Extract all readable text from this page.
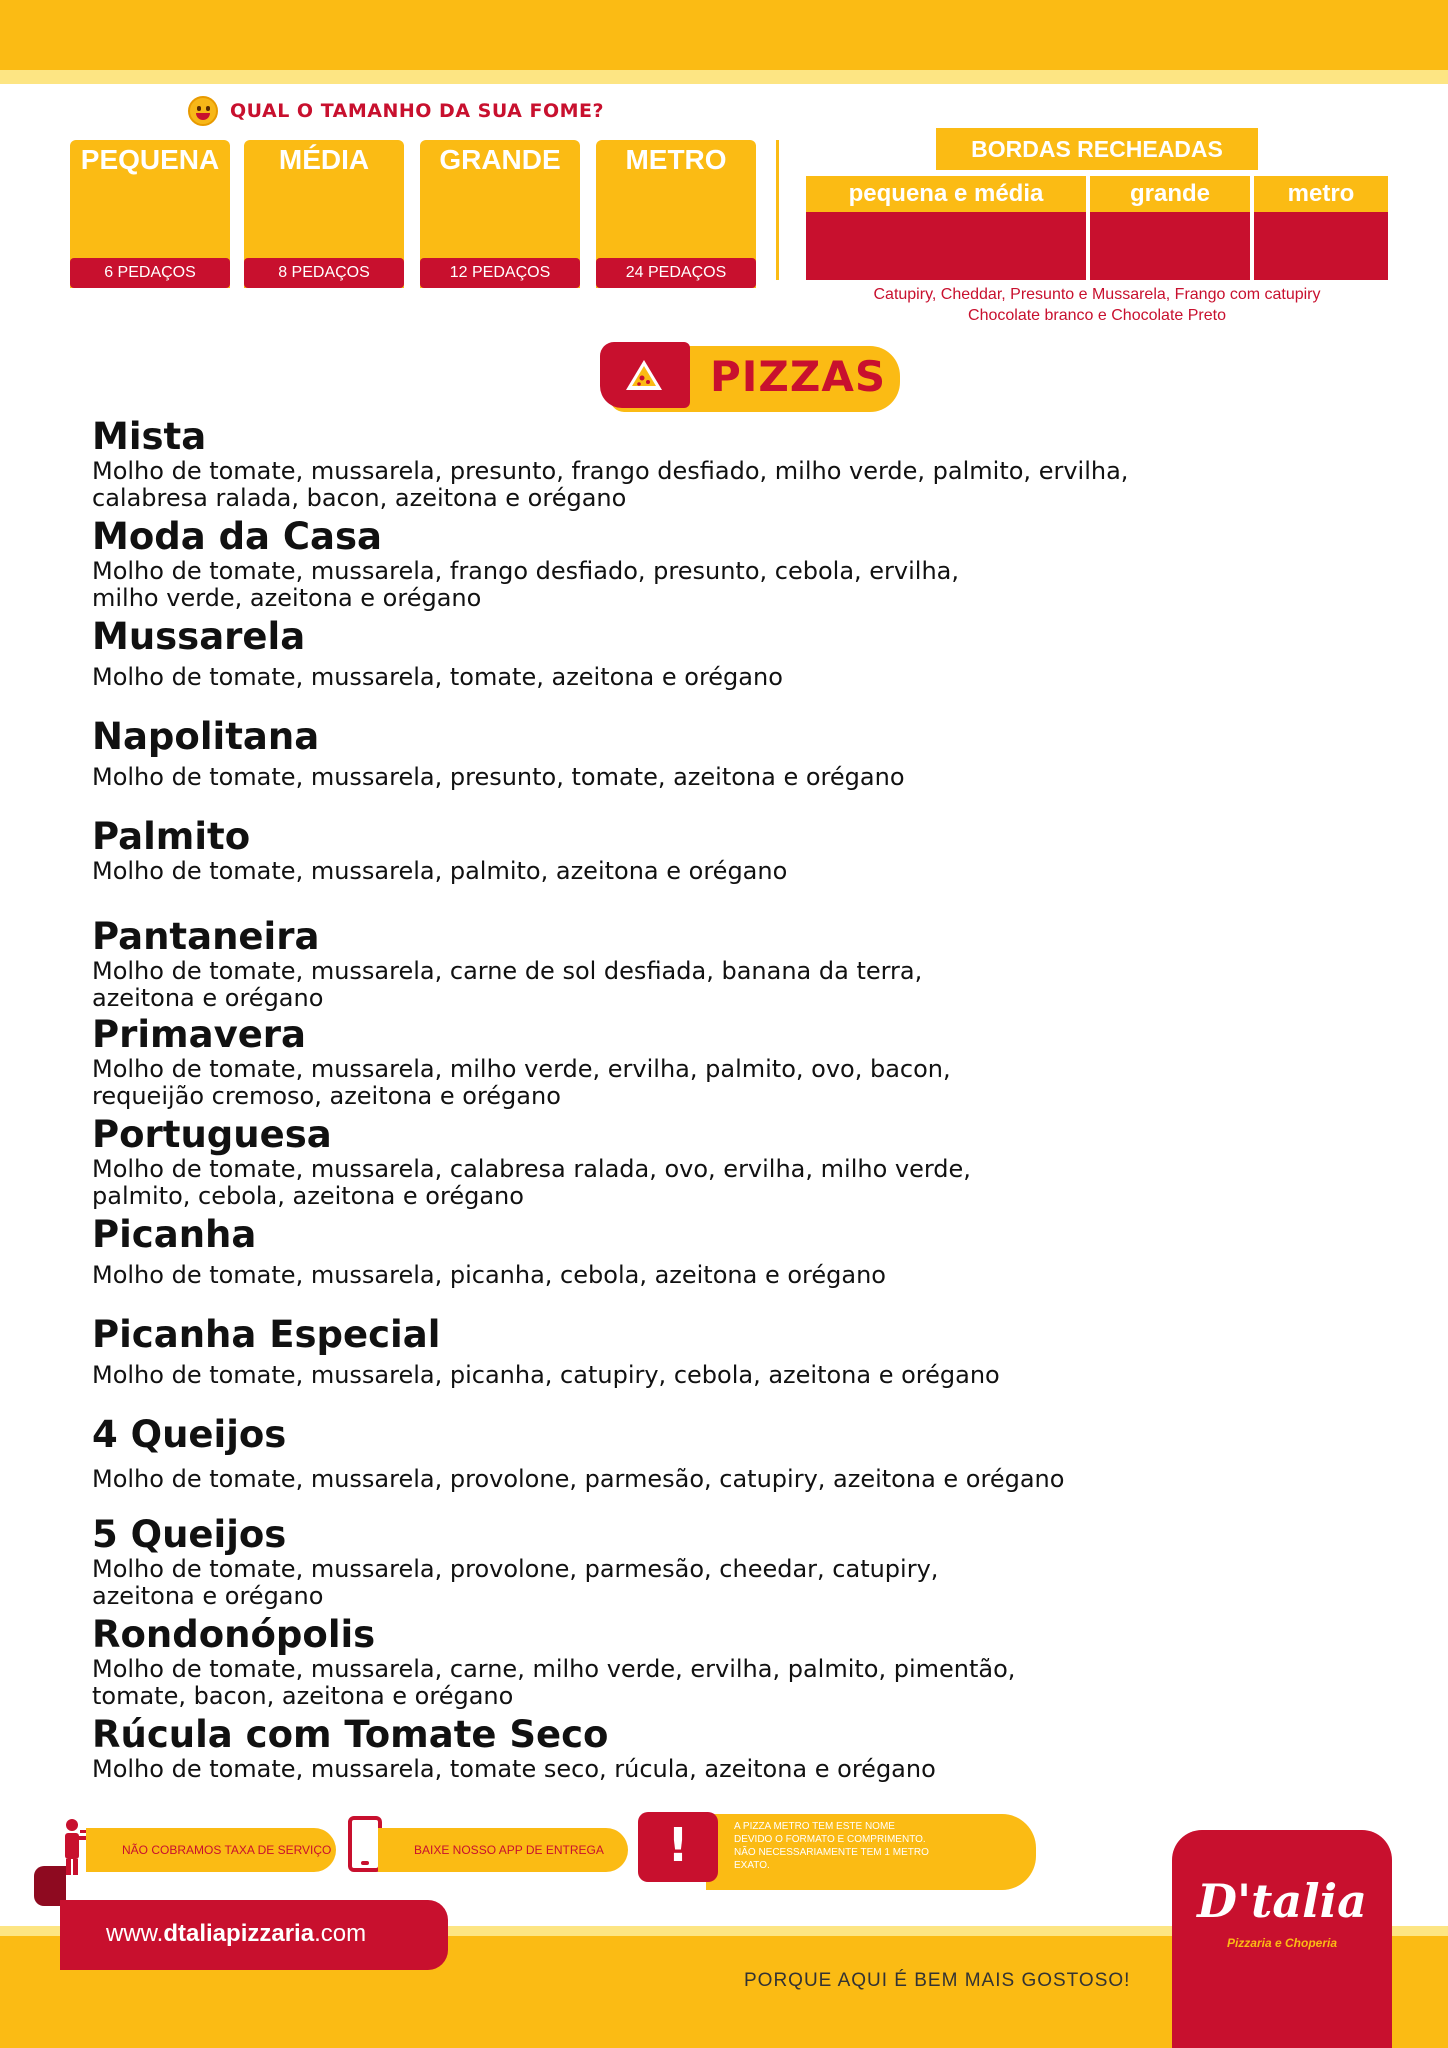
QUAL O TAMANHO DA SUA FOME?
PEQUENA
6 PEDAÇOS
MÉDIA
8 PEDAÇOS
GRANDE
12 PEDAÇOS
METRO
24 PEDAÇOS
BORDAS RECHEADAS
pequena e média	grande	metro
Catupiry, Cheddar, Presunto e Mussarela, Frango com catupiry
Chocolate branco e Chocolate Preto
PIZZAS
Mista
Molho de tomate, mussarela, presunto, frango desfiado, milho verde, palmito, ervilha,
calabresa ralada, bacon, azeitona e orégano
Moda da Casa
Molho de tomate, mussarela, frango desfiado, presunto, cebola, ervilha,
milho verde, azeitona e orégano
Mussarela
Molho de tomate, mussarela, tomate, azeitona e orégano
Napolitana
Molho de tomate, mussarela, presunto, tomate, azeitona e orégano
Palmito
Molho de tomate, mussarela, palmito, azeitona e orégano
Pantaneira
Molho de tomate, mussarela, carne de sol desfiada, banana da terra,
azeitona e orégano
Primavera
Molho de tomate, mussarela, milho verde, ervilha, palmito, ovo, bacon,
requeijão cremoso, azeitona e orégano
Portuguesa
Molho de tomate, mussarela, calabresa ralada, ovo, ervilha, milho verde,
palmito, cebola, azeitona e orégano
Picanha
Molho de tomate, mussarela, picanha, cebola, azeitona e orégano
Picanha Especial
Molho de tomate, mussarela, picanha, catupiry, cebola, azeitona e orégano
4 Queijos
Molho de tomate, mussarela, provolone, parmesão, catupiry, azeitona e orégano
5 Queijos
Molho de tomate, mussarela, provolone, parmesão, cheedar, catupiry,
azeitona e orégano
Rondonópolis
Molho de tomate, mussarela, carne, milho verde, ervilha, palmito, pimentão,
tomate, bacon, azeitona e orégano
Rúcula com Tomate Seco
Molho de tomate, mussarela, tomate seco, rúcula, azeitona e orégano
NÃO COBRAMOS TAXA DE SERVIÇO	BAIXE NOSSO APP DE ENTREGA
A PIZZA METRO TEM ESTE NOME
DEVIDO O FORMATO E COMPRIMENTO.
NÃO NECESSARIAMENTE TEM 1 METRO
EXATO.
!
www.dtaliapizzaria.com
PORQUE AQUI É BEM MAIS GOSTOSO!
D'talia
Pizzaria e Choperia
